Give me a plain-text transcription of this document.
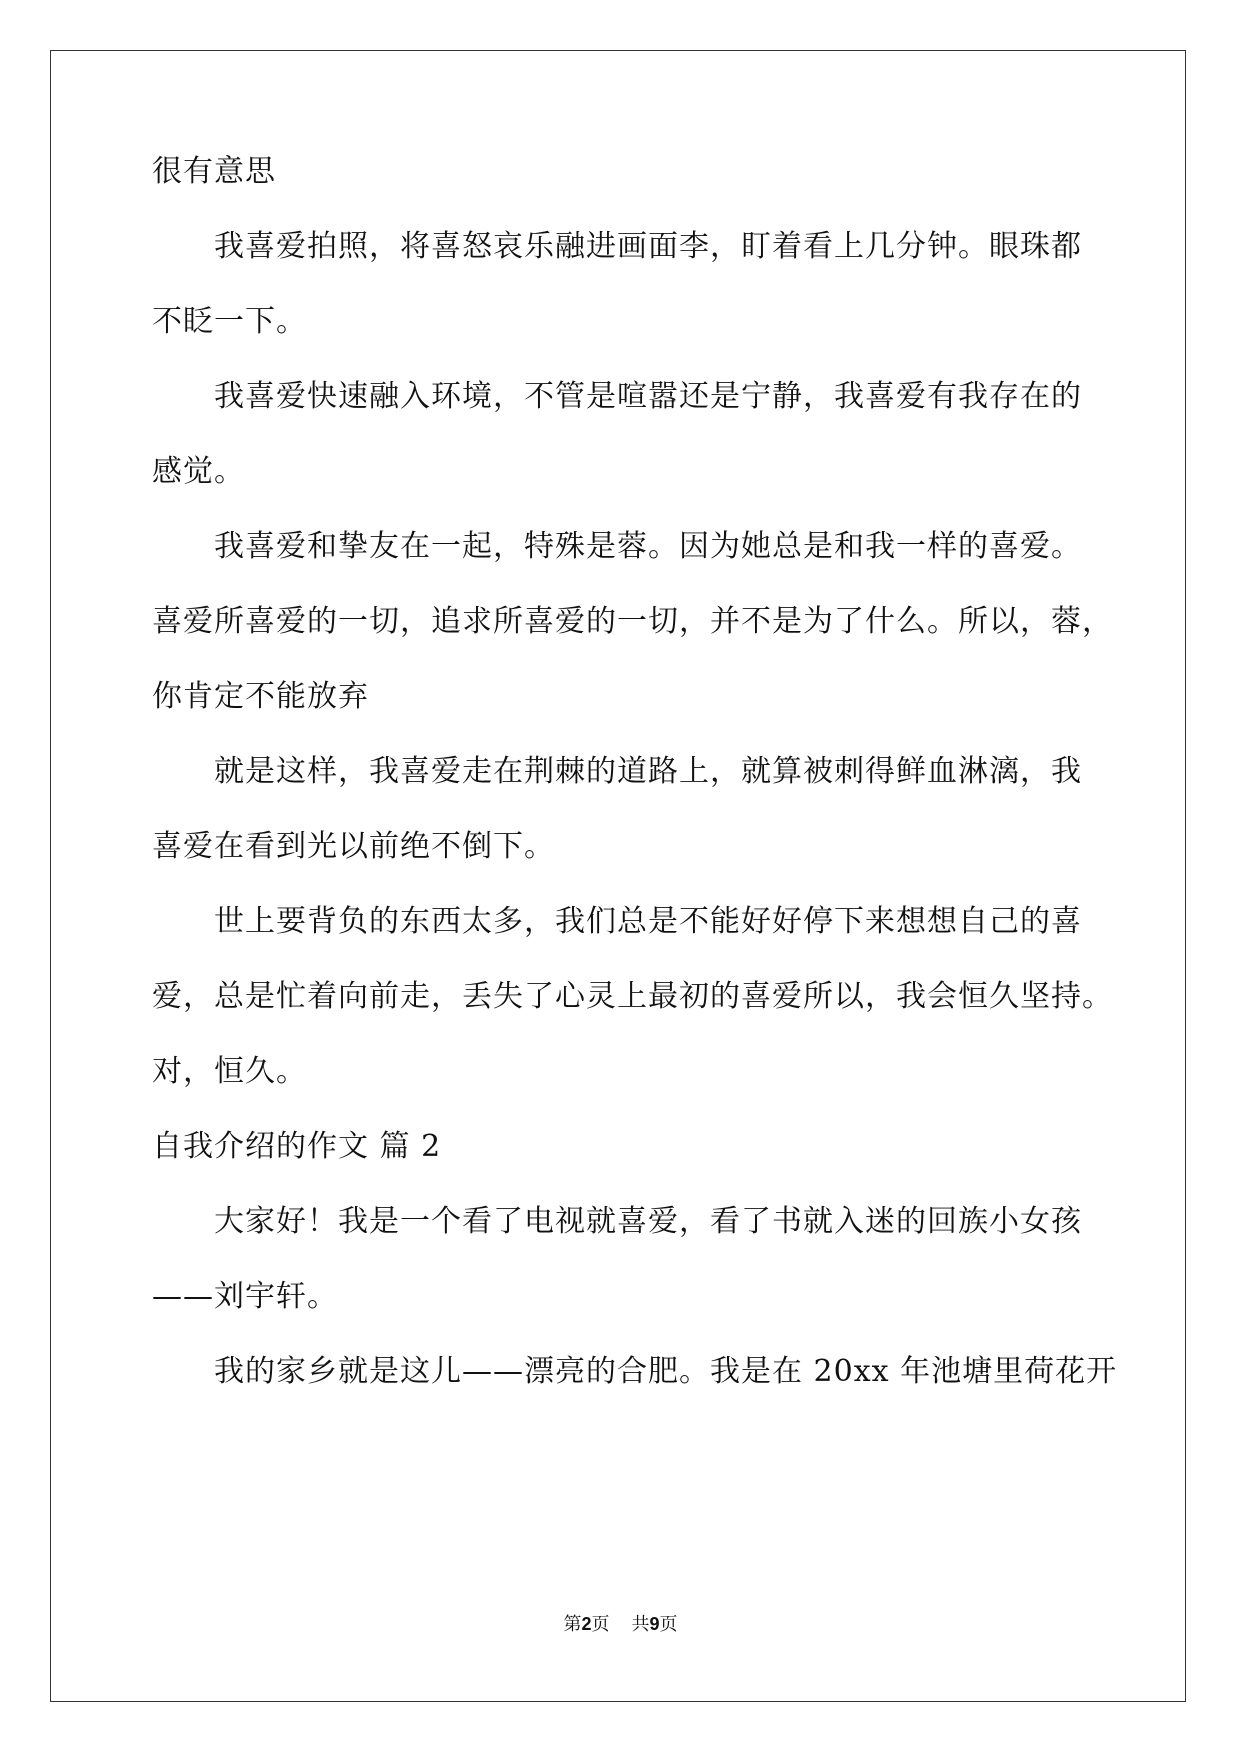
很有意思
　　我喜爱拍照，将喜怒哀乐融进画面李，盯着看上几分钟。眼珠都
不眨一下。
　　我喜爱快速融入环境，不管是喧嚣还是宁静，我喜爱有我存在的
感觉。
　　我喜爱和挚友在一起，特殊是蓉。因为她总是和我一样的喜爱。
喜爱所喜爱的一切，追求所喜爱的一切，并不是为了什么。所以，蓉，
你肯定不能放弃
　　就是这样，我喜爱走在荆棘的道路上，就算被刺得鲜血淋漓，我
喜爱在看到光以前绝不倒下。
　　世上要背负的东西太多，我们总是不能好好停下来想想自己的喜
爱，总是忙着向前走，丢失了心灵上最初的喜爱所以，我会恒久坚持。
对，恒久。
自我介绍的作文 篇 2
　　大家好！我是一个看了电视就喜爱，看了书就入迷的回族小女孩
——刘宇轩。
　　我的家乡就是这儿——漂亮的合肥。我是在 20xx 年池塘里荷花开
第2页 共9页
